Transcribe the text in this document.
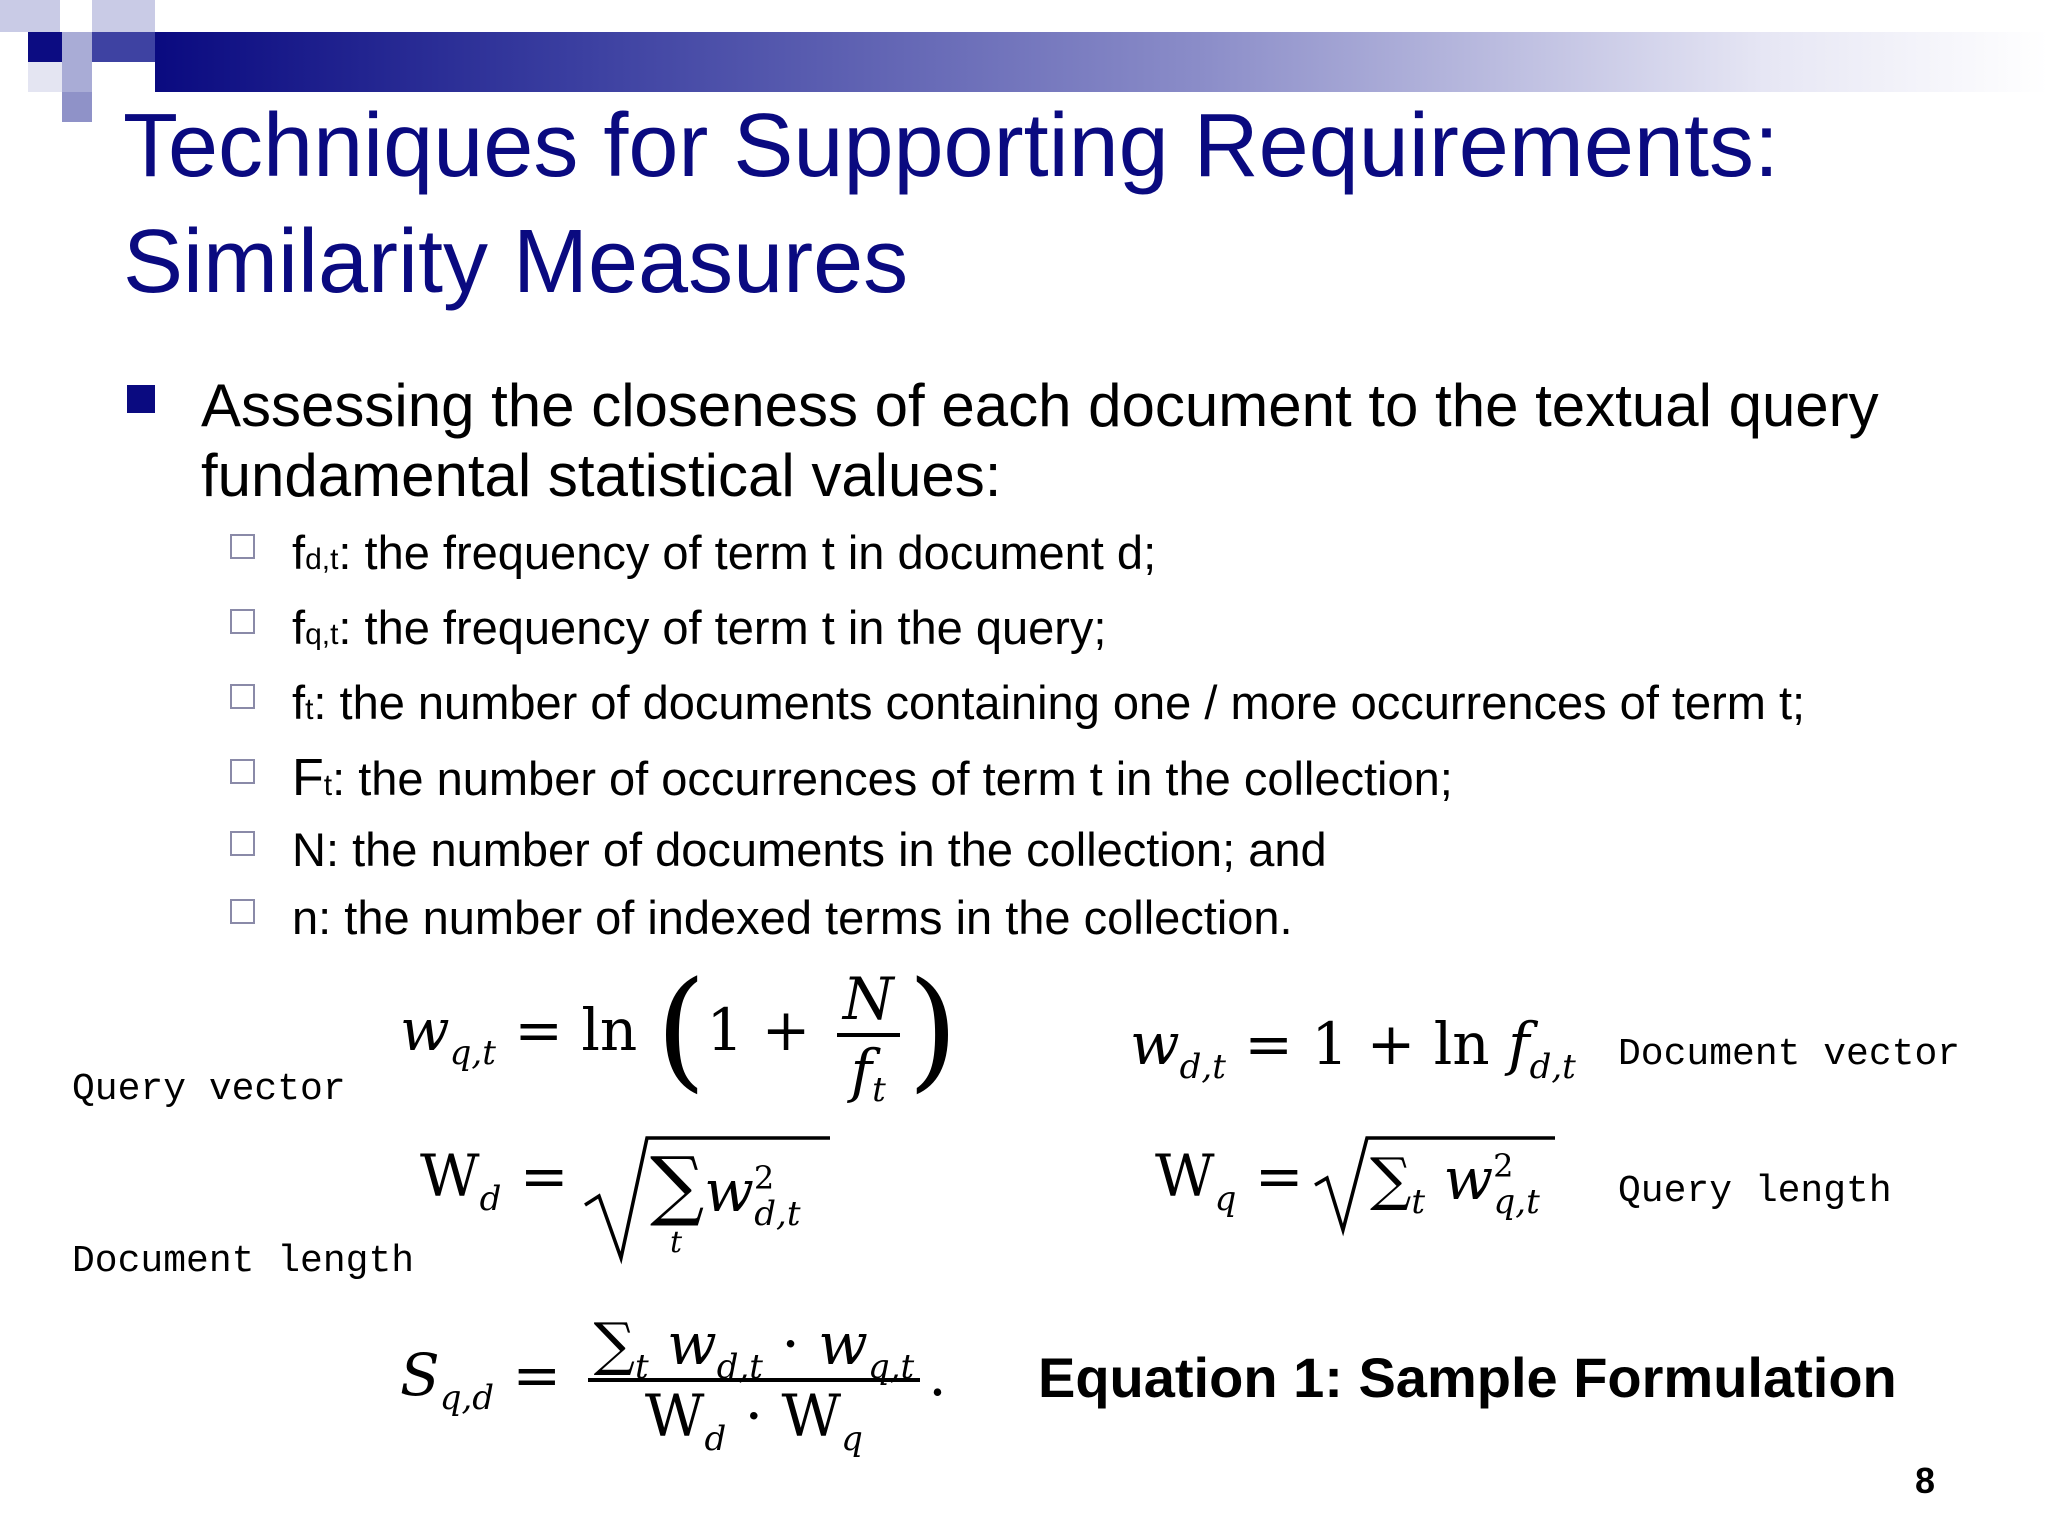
Techniques for Supporting Requirements:
Similarity Measures
Assessing the closeness of each document to the textual query
fundamental statistical values:
fd,t: the frequency of term t in document d;
fq,t: the frequency of term t in the query;
ft: the number of documents containing one / more occurrences of term t;
Ft: the number of occurrences of term t in the collection;
N: the number of documents in the collection; and
n: the number of indexed terms in the collection.
$w_{q,t} = \ln (1 + \frac{N}{ft}$ )	$w_{d,t} = 1 + \ln f_{d,t}$
$W_d = \sum w^2_{d,t}$
t
$W_q = \sum_t$ $w^2_{q,t}$
$S_{q,d} = \frac{\sum_t w_{d,t} \cdot w_{q,t}}{W_d \cdot W_q}$ .
Query vector
Document vector
Document length
Query length
Equation 1: Sample Formulation
8
